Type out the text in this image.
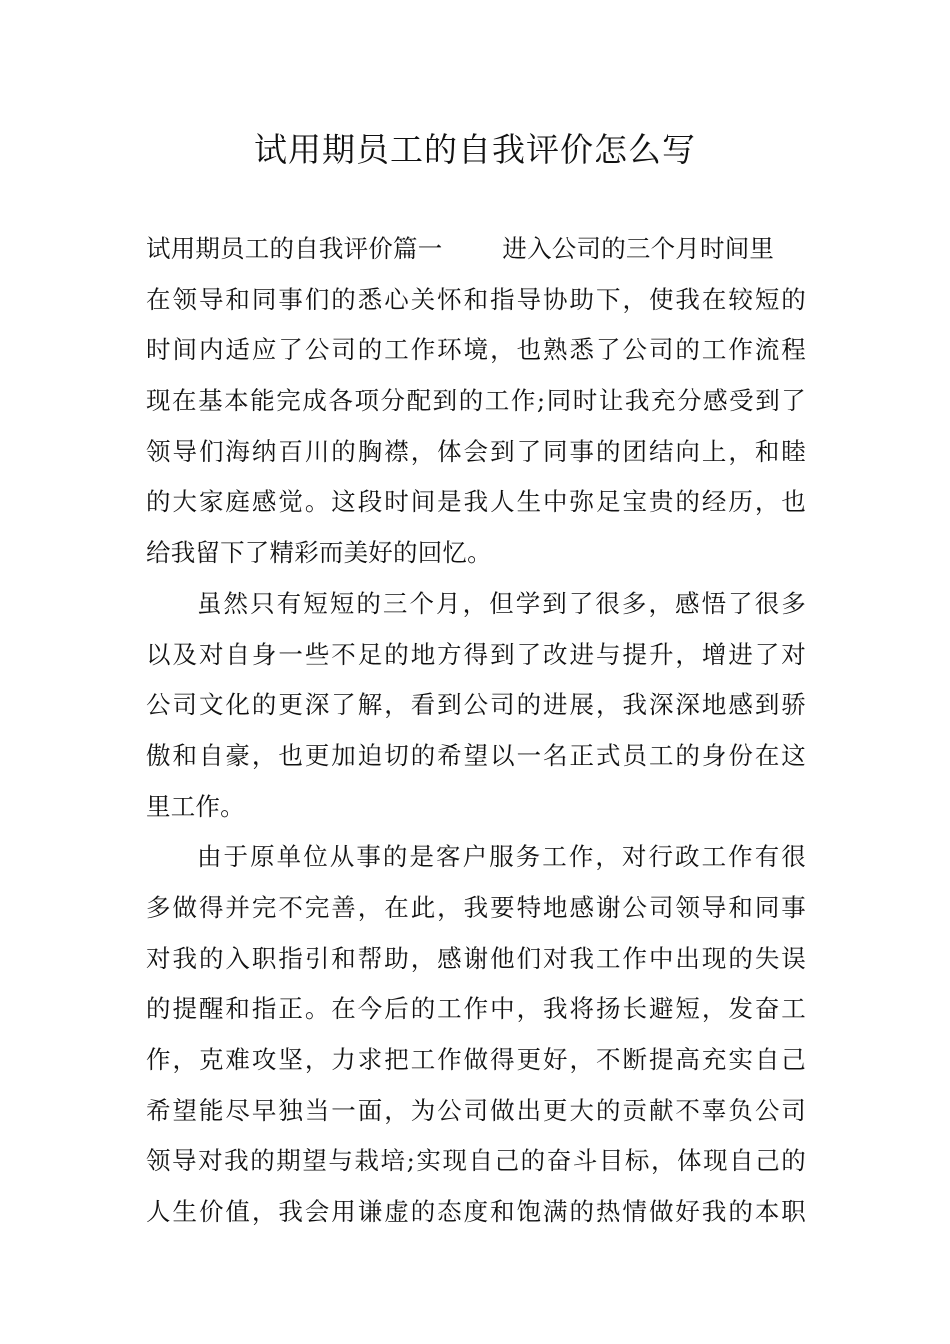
试用期员工的自我评价怎么写
试用期员工的自我评价篇一 进入公司的三个月时间里
在领导和同事们的悉心关怀和指导协助下，使我在较短的
时间内适应了公司的工作环境，也熟悉了公司的工作流程
现在基本能完成各项分配到的工作;同时让我充分感受到了
领导们海纳百川的胸襟，体会到了同事的团结向上，和睦
的大家庭感觉。这段时间是我人生中弥足宝贵的经历，也
给我留下了精彩而美好的回忆。
虽然只有短短的三个月，但学到了很多，感悟了很多
以及对自身一些不足的地方得到了改进与提升，增进了对
公司文化的更深了解，看到公司的进展，我深深地感到骄
傲和自豪，也更加迫切的希望以一名正式员工的身份在这
里工作。
由于原单位从事的是客户服务工作，对行政工作有很
多做得并完不完善，在此，我要特地感谢公司领导和同事
对我的入职指引和帮助，感谢他们对我工作中出现的失误
的提醒和指正。在今后的工作中，我将扬长避短，发奋工
作，克难攻坚，力求把工作做得更好，不断提高充实自己
希望能尽早独当一面，为公司做出更大的贡献不辜负公司
领导对我的期望与栽培;实现自己的奋斗目标，体现自己的
人生价值，我会用谦虚的态度和饱满的热情做好我的本职
